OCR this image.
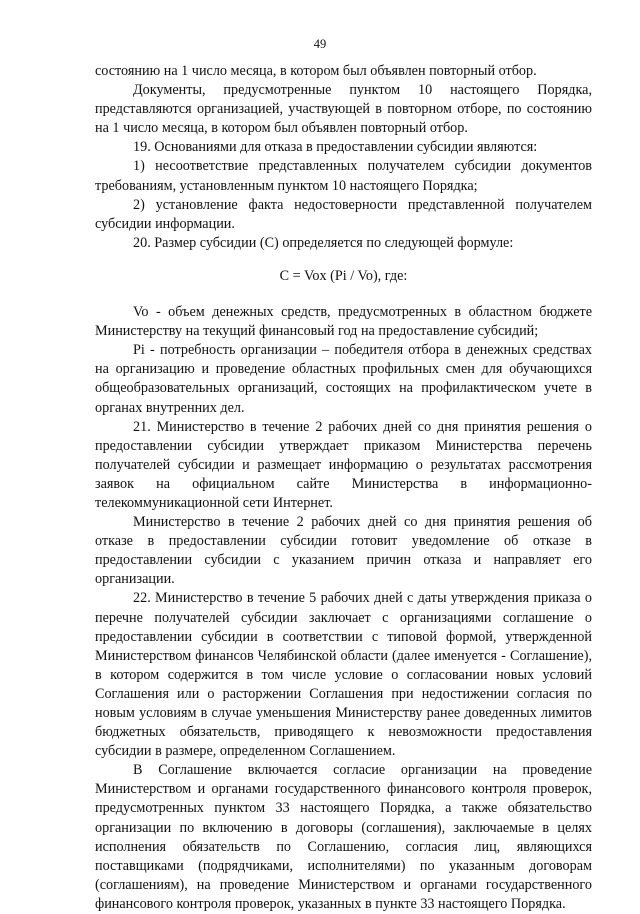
49

состоянию на 1 число месяца, в котором был объявлен повторный отбор.

Документы, предусмотренные пунктом 10 настоящего Порядка, представляются организацией, участвующей в повторном отборе, по состоянию на 1 число месяца, в котором был объявлен повторный отбор.

19. Основаниями для отказа в предоставлении субсидии являются:

1) несоответствие представленных получателем субсидии документов требованиям, установленным пунктом 10 настоящего Порядка;

2) установление факта недостоверности представленной получателем субсидии информации.

20. Размер субсидии (С) определяется по следующей формуле:

C = Vox (Pi / Vo), где:

Vo - объем денежных средств, предусмотренных в областном бюджете Министерству на текущий финансовый год на предоставление субсидий;

Pi - потребность организации – победителя отбора в денежных средствах на организацию и проведение областных профильных смен для обучающихся общеобразовательных организаций, состоящих на профилактическом учете в органах внутренних дел.

21. Министерство в течение 2 рабочих дней со дня принятия решения о предоставлении субсидии утверждает приказом Министерства перечень получателей субсидии и размещает информацию о результатах рассмотрения заявок на официальном сайте Министерства в информационно-телекоммуникационной сети Интернет.

Министерство в течение 2 рабочих дней со дня принятия решения об отказе в предоставлении субсидии готовит уведомление об отказе в предоставлении субсидии с указанием причин отказа и направляет его организации.

22. Министерство в течение 5 рабочих дней с даты утверждения приказа о перечне получателей субсидии заключает с организациями соглашение о предоставлении субсидии в соответствии с типовой формой, утвержденной Министерством финансов Челябинской области (далее именуется - Соглашение), в котором содержится в том числе условие о согласовании новых условий Соглашения или о расторжении Соглашения при недостижении согласия по новым условиям в случае уменьшения Министерству ранее доведенных лимитов бюджетных обязательств, приводящего к невозможности предоставления субсидии в размере, определенном Соглашением.

В Соглашение включается согласие организации на проведение Министерством и органами государственного финансового контроля проверок, предусмотренных пунктом 33 настоящего Порядка, а также обязательство организации по включению в договоры (соглашения), заключаемые в целях исполнения обязательств по Соглашению, согласия лиц, являющихся поставщиками (подрядчиками, исполнителями) по указанным договорам (соглашениям), на проведение Министерством и органами государственного финансового контроля проверок, указанных в пункте 33 настоящего Порядка.
